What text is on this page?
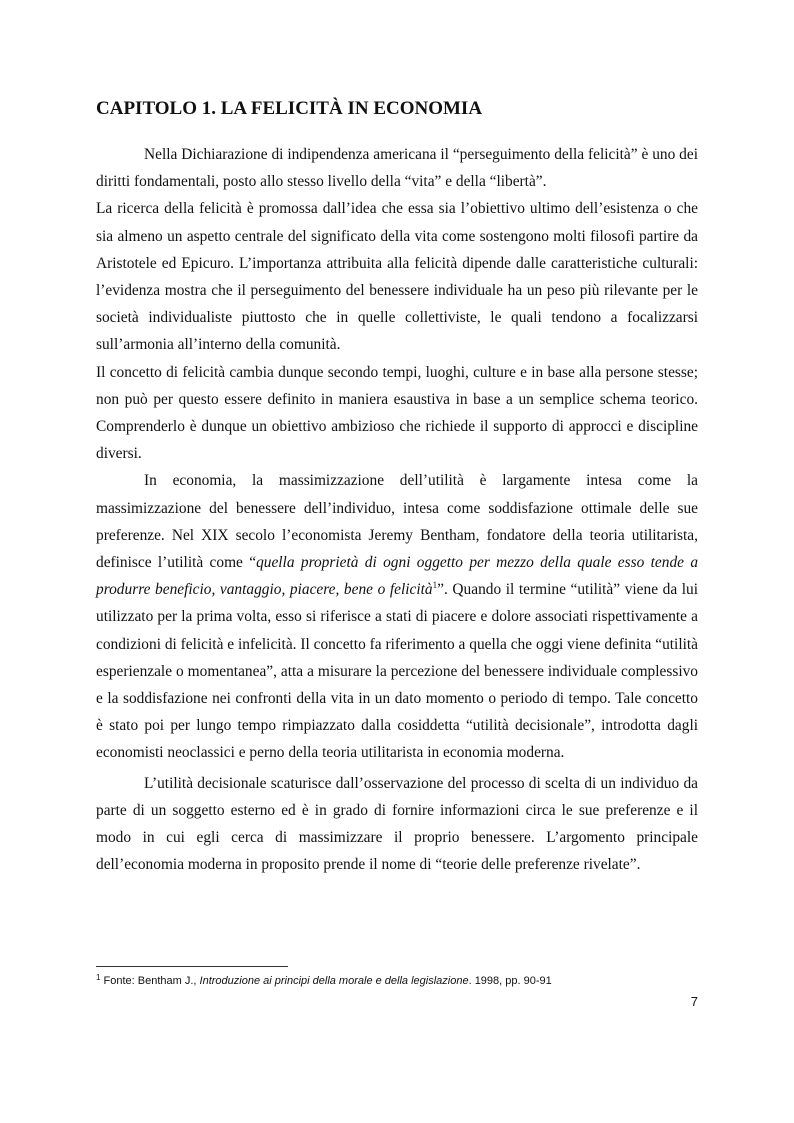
CAPITOLO 1. LA FELICITÀ IN ECONOMIA

Nella Dichiarazione di indipendenza americana il “perseguimento della felicità” è uno dei diritti fondamentali, posto allo stesso livello della “vita” e della “libertà”.

La ricerca della felicità è promossa dall’idea che essa sia l’obiettivo ultimo dell’esistenza o che sia almeno un aspetto centrale del significato della vita come sostengono molti filosofi partire da Aristotele ed Epicuro. L’importanza attribuita alla felicità dipende dalle caratteristiche culturali: l’evidenza mostra che il perseguimento del benessere individuale ha un peso più rilevante per le società individualiste piuttosto che in quelle collettiviste, le quali tendono a focalizzarsi sull’armonia all’interno della comunità.

Il concetto di felicità cambia dunque secondo tempi, luoghi, culture e in base alla persone stesse; non può per questo essere definito in maniera esaustiva in base a un semplice schema teorico. Comprenderlo è dunque un obiettivo ambizioso che richiede il supporto di approcci e discipline diversi.

In economia, la massimizzazione dell’utilità è largamente intesa come la massimizzazione del benessere dell’individuo, intesa come soddisfazione ottimale delle sue preferenze. Nel XIX secolo l’economista Jeremy Bentham, fondatore della teoria utilitarista, definisce l’utilità come “quella proprietà di ogni oggetto per mezzo della quale esso tende a produrre beneficio, vantaggio, piacere, bene o felicità$^1$”. Quando il termine “utilità” viene da lui utilizzato per la prima volta, esso si riferisce a stati di piacere e dolore associati rispettivamente a condizioni di felicità e infelicità. Il concetto fa riferimento a quella che oggi viene definita “utilità esperienzale o momentanea”, atta a misurare la percezione del benessere individuale complessivo e la soddisfazione nei confronti della vita in un dato momento o periodo di tempo. Tale concetto è stato poi per lungo tempo rimpiazzato dalla cosiddetta “utilità decisionale”, introdotta dagli economisti neoclassici e perno della teoria utilitarista in economia moderna.

L’utilità decisionale scaturisce dall’osservazione del processo di scelta di un individuo da parte di un soggetto esterno ed è in grado di fornire informazioni circa le sue preferenze e il modo in cui egli cerca di massimizzare il proprio benessere. L’argomento principale dell’economia moderna in proposito prende il nome di “teorie delle preferenze rivelate”.

$^1$ Fonte: Bentham J., Introduzione ai principi della morale e della legislazione. 1998, pp. 90-91
7
